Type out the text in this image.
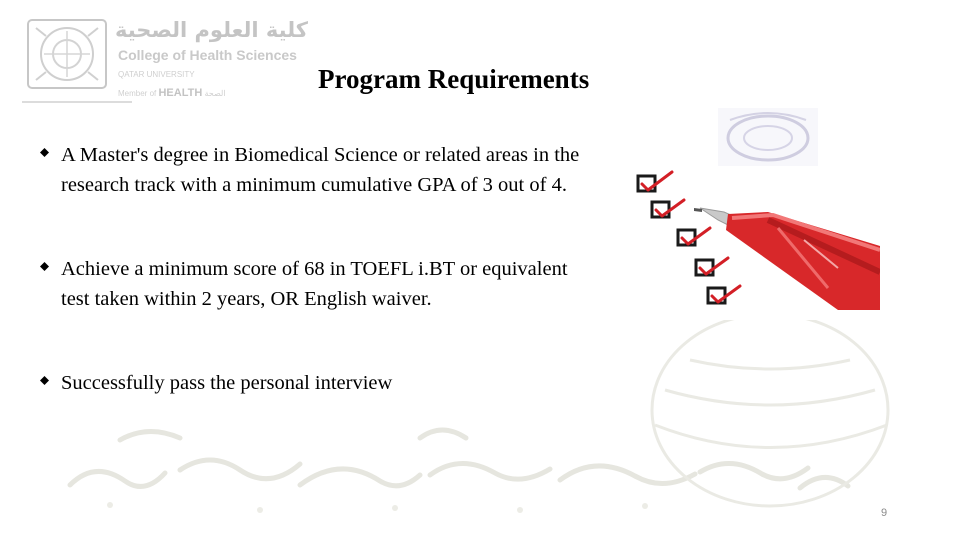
كلية العلوم الصحية
College of Health Sciences
QATAR UNIVERSITY
Member of HEALTH الصحة	Program Requirements
A Master's degree in Biomedical Science or related areas in the research track with a minimum cumulative GPA of 3 out of 4.
Achieve a minimum score of 68 in TOEFL i.BT or equivalent test taken within 2 years, OR English waiver.
Successfully pass the personal interview
9
